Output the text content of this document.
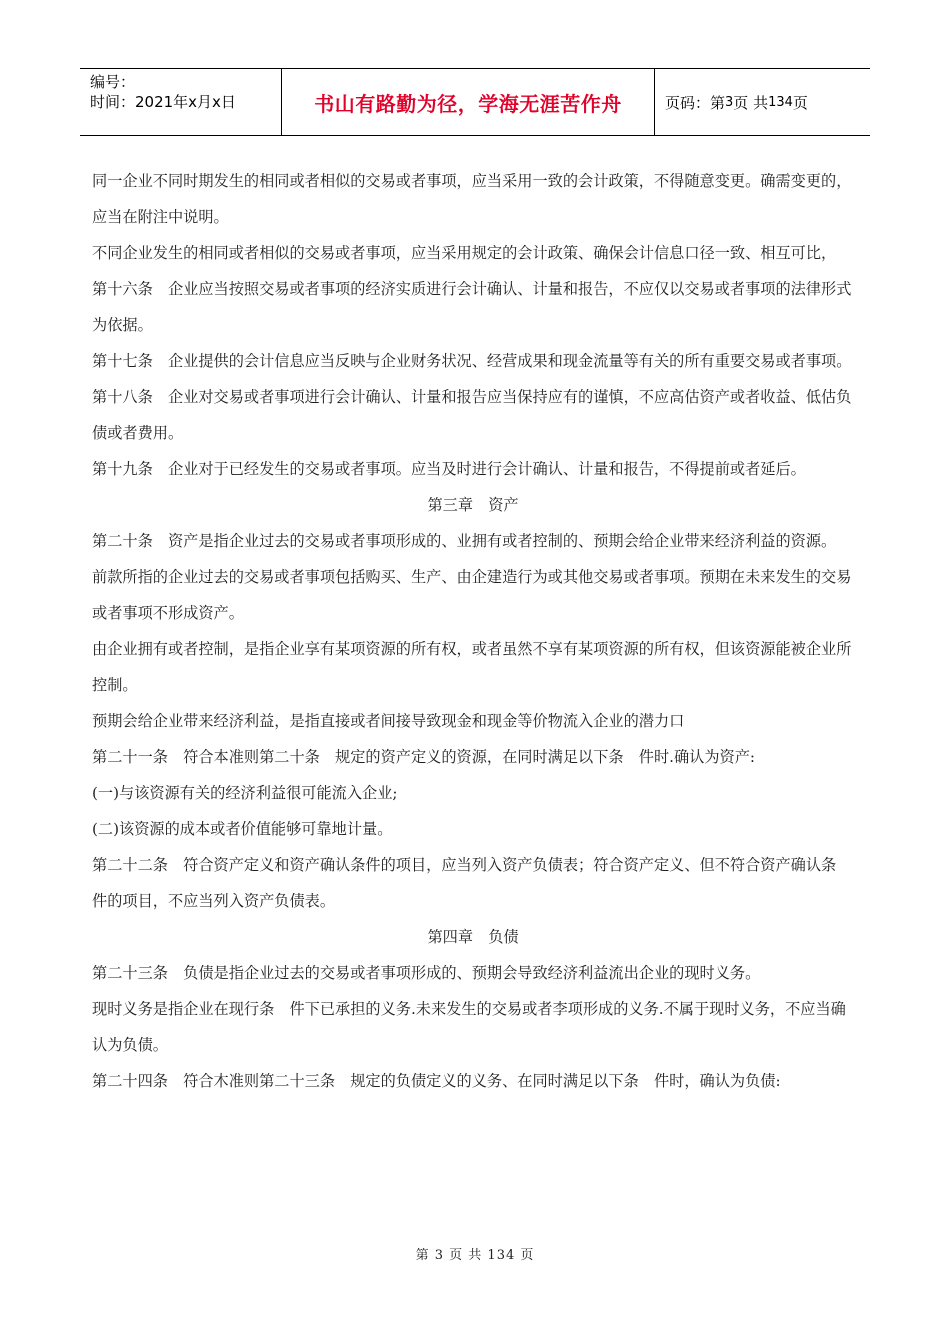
编号：
时间：2021年x月x日	书山有路勤为径，学海无涯苦作舟	页码：第 3 页 共 134 页

同一企业不同时期发生的相同或者相似的交易或者事项，应当采用一致的会计政策，不得随意变更。确需变更的，应当在附注中说明。

不同企业发生的相同或者相似的交易或者事项，应当采用规定的会计政策、确保会计信息口径一致、相互可比，

第十六条　企业应当按照交易或者事项的经济实质进行会计确认、计量和报告，不应仅以交易或者事项的法律形式为依据。

第十七条　企业提供的会计信息应当反映与企业财务状况、经营成果和现金流量等有关的所有重要交易或者事项。

第十八条　企业对交易或者事项进行会计确认、计量和报告应当保持应有的谨慎，不应高估资产或者收益、低估负债或者费用。

第十九条　企业对于已经发生的交易或者事项。应当及时进行会计确认、计量和报告，不得提前或者延后。

第三章　资产

第二十条　资产是指企业过去的交易或者事项形成的、业拥有或者控制的、预期会给企业带来经济利益的资源。

前款所指的企业过去的交易或者事项包括购买、生产、由企建造行为或其他交易或者事项。预期在未来发生的交易或者事项不形成资产。

由企业拥有或者控制，是指企业享有某项资源的所有权，或者虽然不享有某项资源的所有权，但该资源能被企业所控制。

预期会给企业带来经济利益，是指直接或者间接导致现金和现金等价物流入企业的潜力口

第二十一条　符合本准则第二十条　规定的资产定义的资源，在同时满足以下条　件时.确认为资产:

(一)与该资源有关的经济利益很可能流入企业;

(二)该资源的成本或者价值能够可靠地计量。

第二十二条　符合资产定义和资产确认条件的项目，应当列入资产负债表；符合资产定义、但不符合资产确认条　件的项目，不应当列入资产负债表。

第四章　负债

第二十三条　负债是指企业过去的交易或者事项形成的、预期会导致经济利益流出企业的现时义务。

现时义务是指企业在现行条　件下已承担的义务.未来发生的交易或者李项形成的义务.不属于现时义务，不应当确认为负债。

第二十四条　符合木准则第二十三条　规定的负债定义的义务、在同时满足以下条　件时，确认为负债:

第 3 页 共 134 页
